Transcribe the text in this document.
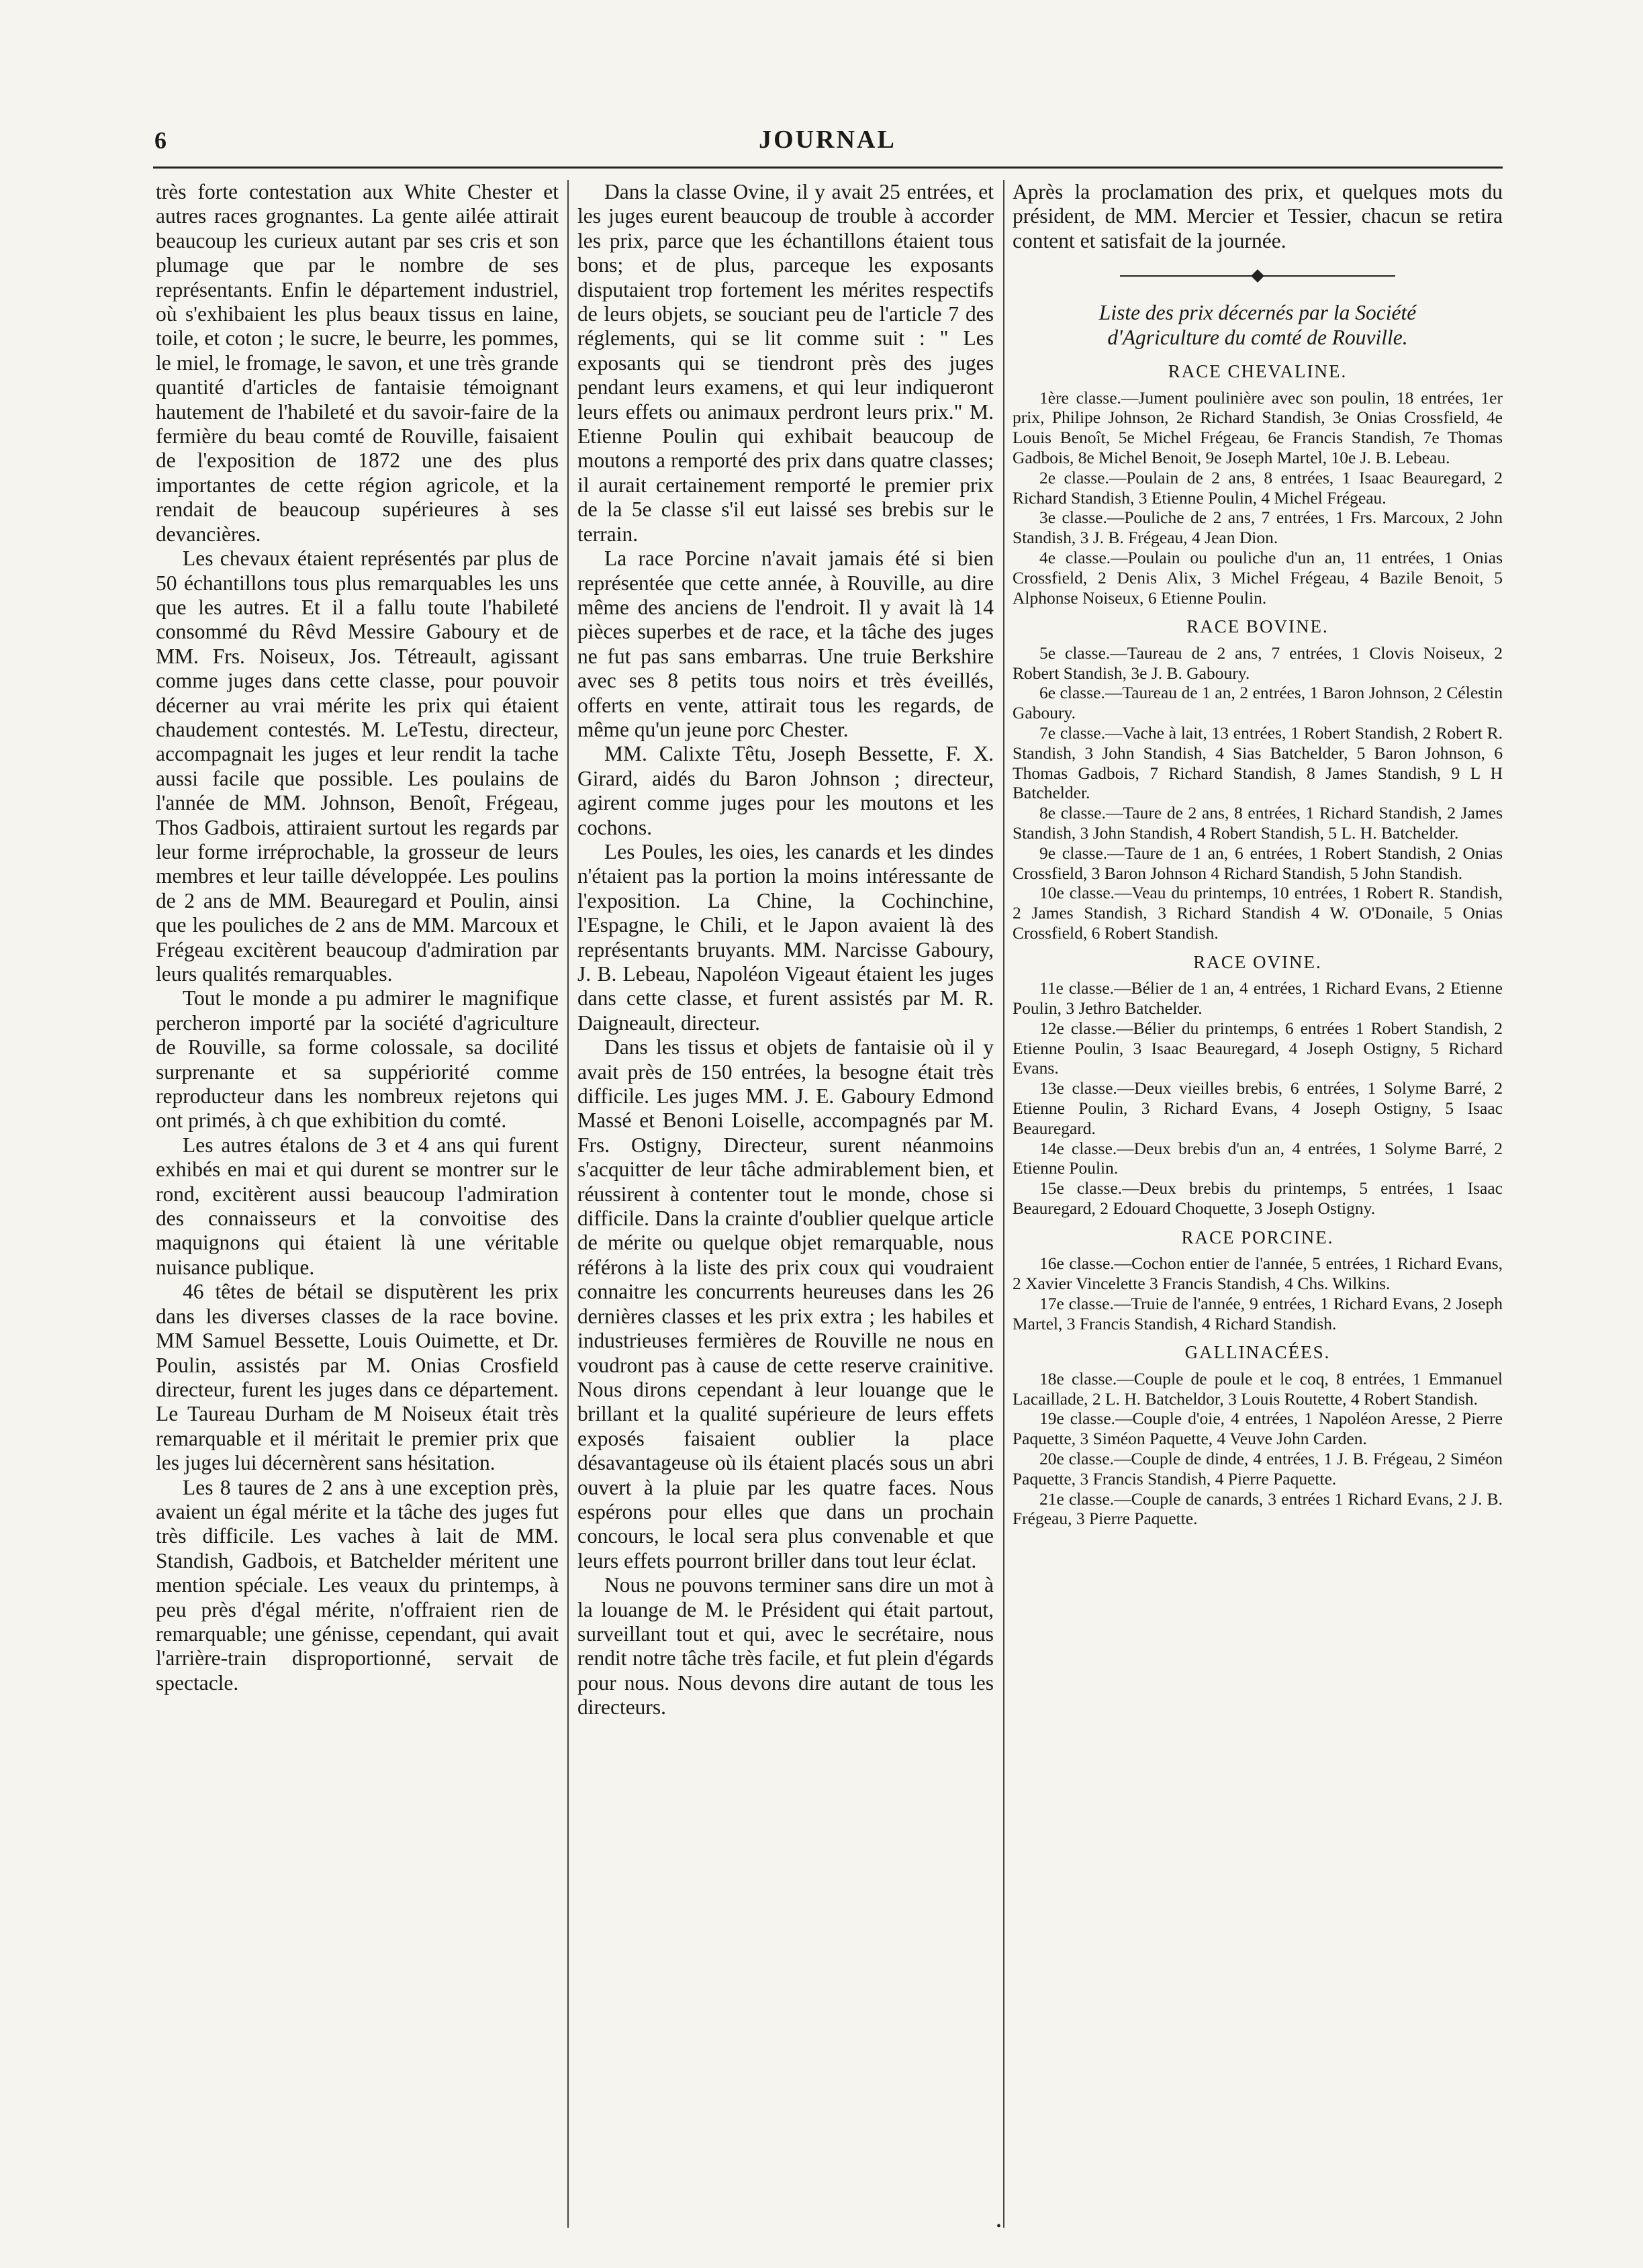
6	JOURNAL

très forte contestation aux White Chester et autres races grognantes. La gente ailée attirait beaucoup les curieux autant par ses cris et son plumage que par le nombre de ses représentants. Enfin le département industriel, où s'exhibaient les plus beaux tissus en laine, toile, et coton ; le sucre, le beurre, les pommes, le miel, le fromage, le savon, et une très grande quantité d'articles de fantaisie témoignant hautement de l'habileté et du savoir-faire de la fermière du beau comté de Rouville, faisaient de l'exposition de 1872 une des plus importantes de cette région agricole, et la rendait de beaucoup supérieures à ses devancières.

Les chevaux étaient représentés par plus de 50 échantillons tous plus remarquables les uns que les autres. Et il a fallu toute l'habileté consommé du Rêvd Messire Gaboury et de MM. Frs. Noiseux, Jos. Tétreault, agissant comme juges dans cette classe, pour pouvoir décerner au vrai mérite les prix qui étaient chaudement contestés. M. LeTestu, directeur, accompagnait les juges et leur rendit la tache aussi facile que possible. Les poulains de l'année de MM. Johnson, Benoît, Frégeau, Thos Gadbois, attiraient surtout les regards par leur forme irréprochable, la grosseur de leurs membres et leur taille développée. Les poulins de 2 ans de MM. Beauregard et Poulin, ainsi que les pouliches de 2 ans de MM. Marcoux et Frégeau excitèrent beaucoup d'admiration par leurs qualités remarquables.

Tout le monde a pu admirer le magnifique percheron importé par la société d'agriculture de Rouville, sa forme colossale, sa docilité surprenante et sa suppériorité comme reproducteur dans les nombreux rejetons qui ont primés, à ch que exhibition du comté.

Les autres étalons de 3 et 4 ans qui furent exhibés en mai et qui durent se montrer sur le rond, excitèrent aussi beaucoup l'admiration des connaisseurs et la convoitise des maquignons qui étaient là une véritable nuisance publique.

46 têtes de bétail se disputèrent les prix dans les diverses classes de la race bovine. MM Samuel Bessette, Louis Ouimette, et Dr. Poulin, assistés par M. Onias Crosfield directeur, furent les juges dans ce département. Le Taureau Durham de M Noiseux était très remarquable et il méritait le premier prix que les juges lui décernèrent sans hésitation.

Les 8 taures de 2 ans à une exception près, avaient un égal mérite et la tâche des juges fut très difficile. Les vaches à lait de MM. Standish, Gadbois, et Batchelder méritent une mention spéciale. Les veaux du printemps, à peu près d'égal mérite, n'offraient rien de remarquable; une génisse, cependant, qui avait l'arrière-train disproportionné, servait de spectacle.

Dans la classe Ovine, il y avait 25 entrées, et les juges eurent beaucoup de trouble à accorder les prix, parce que les échantillons étaient tous bons; et de plus, parceque les exposants disputaient trop fortement les mérites respectifs de leurs objets, se souciant peu de l'article 7 des réglements, qui se lit comme suit : " Les exposants qui se tiendront près des juges pendant leurs examens, et qui leur indiqueront leurs effets ou animaux perdront leurs prix." M. Etienne Poulin qui exhibait beaucoup de moutons a remporté des prix dans quatre classes; il aurait certainement remporté le premier prix de la 5e classe s'il eut laissé ses brebis sur le terrain.

La race Porcine n'avait jamais été si bien représentée que cette année, à Rouville, au dire même des anciens de l'endroit. Il y avait là 14 pièces superbes et de race, et la tâche des juges ne fut pas sans embarras. Une truie Berkshire avec ses 8 petits tous noirs et très éveillés, offerts en vente, attirait tous les regards, de même qu'un jeune porc Chester.

MM. Calixte Têtu, Joseph Bessette, F. X. Girard, aidés du Baron Johnson ; directeur, agirent comme juges pour les moutons et les cochons.

Les Poules, les oies, les canards et les dindes n'étaient pas la portion la moins intéressante de l'exposition. La Chine, la Cochinchine, l'Espagne, le Chili, et le Japon avaient là des représentants bruyants. MM. Narcisse Gaboury, J. B. Lebeau, Napoléon Vigeaut étaient les juges dans cette classe, et furent assistés par M. R. Daigneault, directeur.

Dans les tissus et objets de fantaisie où il y avait près de 150 entrées, la besogne était très difficile. Les juges MM. J. E. Gaboury Edmond Massé et Benoni Loiselle, accompagnés par M. Frs. Ostigny, Directeur, surent néanmoins s'acquitter de leur tâche admirablement bien, et réussirent à contenter tout le monde, chose si difficile. Dans la crainte d'oublier quelque article de mérite ou quelque objet remarquable, nous référons à la liste des prix coux qui voudraient connaitre les concurrents heureuses dans les 26 dernières classes et les prix extra ; les habiles et industrieuses fermières de Rouville ne nous en voudront pas à cause de cette reserve crainitive. Nous dirons cependant à leur louange que le brillant et la qualité supérieure de leurs effets exposés faisaient oublier la place désavantageuse où ils étaient placés sous un abri ouvert à la pluie par les quatre faces. Nous espérons pour elles que dans un prochain concours, le local sera plus convenable et que leurs effets pourront briller dans tout leur éclat.

Nous ne pouvons terminer sans dire un mot à la louange de M. le Président qui était partout, surveillant tout et qui, avec le secrétaire, nous rendit notre tâche très facile, et fut plein d'égards pour nous. Nous devons dire autant de tous les directeurs.

Après la proclamation des prix, et quelques mots du président, de MM. Mercier et Tessier, chacun se retira content et satisfait de la journée.

Liste des prix décernés par la Société
d'Agriculture du comté de Rouville.
RACE CHEVALINE.

1ère classe.—Jument poulinière avec son poulin, 18 entrées, 1er prix, Philipe Johnson, 2e Richard Standish, 3e Onias Crossfield, 4e Louis Benoît, 5e Michel Frégeau, 6e Francis Standish, 7e Thomas Gadbois, 8e Michel Benoit, 9e Joseph Martel, 10e J. B. Lebeau.

2e classe.—Poulain de 2 ans, 8 entrées, 1 Isaac Beauregard, 2 Richard Standish, 3 Etienne Poulin, 4 Michel Frégeau.

3e classe.—Pouliche de 2 ans, 7 entrées, 1 Frs. Marcoux, 2 John Standish, 3 J. B. Frégeau, 4 Jean Dion.

4e classe.—Poulain ou pouliche d'un an, 11 entrées, 1 Onias Crossfield, 2 Denis Alix, 3 Michel Frégeau, 4 Bazile Benoit, 5 Alphonse Noiseux, 6 Etienne Poulin.

RACE BOVINE.

5e classe.—Taureau de 2 ans, 7 entrées, 1 Clovis Noiseux, 2 Robert Standish, 3e J. B. Gaboury.

6e classe.—Taureau de 1 an, 2 entrées, 1 Baron Johnson, 2 Célestin Gaboury.

7e classe.—Vache à lait, 13 entrées, 1 Robert Standish, 2 Robert R. Standish, 3 John Standish, 4 Sias Batchelder, 5 Baron Johnson, 6 Thomas Gadbois, 7 Richard Standish, 8 James Standish, 9 L H Batchelder.

8e classe.—Taure de 2 ans, 8 entrées, 1 Richard Standish, 2 James Standish, 3 John Standish, 4 Robert Standish, 5 L. H. Batchelder.

9e classe.—Taure de 1 an, 6 entrées, 1 Robert Standish, 2 Onias Crossfield, 3 Baron Johnson 4 Richard Standish, 5 John Standish.

10e classe.—Veau du printemps, 10 entrées, 1 Robert R. Standish, 2 James Standish, 3 Richard Standish 4 W. O'Donaile, 5 Onias Crossfield, 6 Robert Standish.

RACE OVINE.

11e classe.—Bélier de 1 an, 4 entrées, 1 Richard Evans, 2 Etienne Poulin, 3 Jethro Batchelder.

12e classe.—Bélier du printemps, 6 entrées 1 Robert Standish, 2 Etienne Poulin, 3 Isaac Beauregard, 4 Joseph Ostigny, 5 Richard Evans.

13e classe.—Deux vieilles brebis, 6 entrées, 1 Solyme Barré, 2 Etienne Poulin, 3 Richard Evans, 4 Joseph Ostigny, 5 Isaac Beauregard.

14e classe.—Deux brebis d'un an, 4 entrées, 1 Solyme Barré, 2 Etienne Poulin.

15e classe.—Deux brebis du printemps, 5 entrées, 1 Isaac Beauregard, 2 Edouard Choquette, 3 Joseph Ostigny.

RACE PORCINE.

16e classe.—Cochon entier de l'année, 5 entrées, 1 Richard Evans, 2 Xavier Vincelette 3 Francis Standish, 4 Chs. Wilkins.

17e classe.—Truie de l'année, 9 entrées, 1 Richard Evans, 2 Joseph Martel, 3 Francis Standish, 4 Richard Standish.

GALLINACÉES.

18e classe.—Couple de poule et le coq, 8 entrées, 1 Emmanuel Lacaillade, 2 L. H. Batcheldor, 3 Louis Routette, 4 Robert Standish.

19e classe.—Couple d'oie, 4 entrées, 1 Napoléon Aresse, 2 Pierre Paquette, 3 Siméon Paquette, 4 Veuve John Carden.

20e classe.—Couple de dinde, 4 entrées, 1 J. B. Frégeau, 2 Siméon Paquette, 3 Francis Standish, 4 Pierre Paquette.

21e classe.—Couple de canards, 3 entrées 1 Richard Evans, 2 J. B. Frégeau, 3 Pierre Paquette.

•
